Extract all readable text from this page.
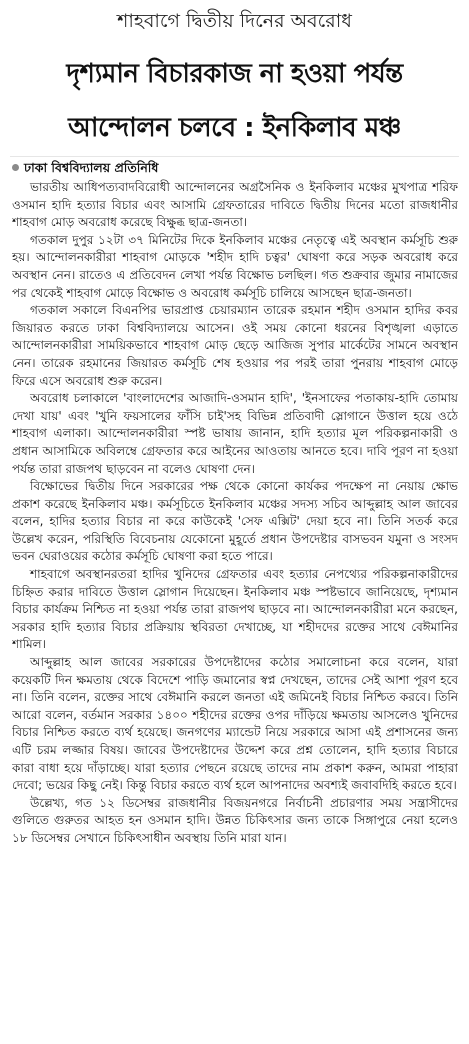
শাহবাগে দ্বিতীয় দিনের অবরোধ
দৃশ্যমান বিচারকাজ না হওয়া পর্যন্ত
আন্দোলন চলবে : ইনকিলাব মঞ্চ
ঢাকা বিশ্ববিদ্যালয় প্রতিনিধি

ভারতীয় আধিপত্যবাদবিরোধী আন্দোলনের অগ্রসৈনিক ও ইনকিলাব মঞ্চের মুখপাত্র শরিফ ওসমান হাদি হত্যার বিচার এবং আসামি গ্রেফতারের দাবিতে দ্বিতীয় দিনের মতো রাজধানীর শাহবাগ মোড় অবরোধ করেছে বিক্ষুব্ধ ছাত্র-জনতা।

গতকাল দুপুর ১২টা ৩৭ মিনিটের দিকে ইনকিলাব মঞ্চের নেতৃত্বে এই অবস্থান কর্মসূচি শুরু হয়। আন্দোলনকারীরা শাহবাগ মোড়কে 'শহীদ হাদি চত্বর' ঘোষণা করে সড়ক অবরোধ করে অবস্থান নেন। রাতেও এ প্রতিবেদন লেখা পর্যন্ত বিক্ষোভ চলছিল। গত শুক্রবার জুমার নামাজের পর থেকেই শাহবাগ মোড়ে বিক্ষোভ ও অবরোধ কর্মসূচি চালিয়ে আসছেন ছাত্র-জনতা।

গতকাল সকালে বিএনপির ভারপ্রাপ্ত চেয়ারম্যান তারেক রহমান শহীদ ওসমান হাদির কবর জিয়ারত করতে ঢাকা বিশ্ববিদ্যালয়ে আসেন। ওই সময় কোনো ধরনের বিশৃঙ্খলা এড়াতে আন্দোলনকারীরা সাময়িকভাবে শাহবাগ মোড় ছেড়ে আজিজ সুপার মার্কেটের সামনে অবস্থান নেন। তারেক রহমানের জিয়ারত কর্মসূচি শেষ হওয়ার পর পরই তারা পুনরায় শাহবাগ মোড়ে ফিরে এসে অবরোধ শুরু করেন।

অবরোধ চলাকালে 'বাংলাদেশের আজাদি-ওসমান হাদি', 'ইনসাফের পতাকায়-হাদি তোমায় দেখা যায়' এবং 'খুনি ফয়সালের ফাঁসি চাই'সহ বিভিন্ন প্রতিবাদী স্লোগানে উত্তাল হয়ে ওঠে শাহবাগ এলাকা। আন্দোলনকারীরা স্পষ্ট ভাষায় জানান, হাদি হত্যার মূল পরিকল্পনাকারী ও প্রধান আসামিকে অবিলম্বে গ্রেফতার করে আইনের আওতায় আনতে হবে। দাবি পূরণ না হওয়া পর্যন্ত তারা রাজপথ ছাড়বেন না বলেও ঘোষণা দেন।

বিক্ষোভের দ্বিতীয় দিনে সরকারের পক্ষ থেকে কোনো কার্যকর পদক্ষেপ না নেয়ায় ক্ষোভ প্রকাশ করেছে ইনকিলাব মঞ্চ। কর্মসূচিতে ইনকিলাব মঞ্চের সদস্য সচিব আব্দুল্লাহ আল জাবের বলেন, হাদির হত্যার বিচার না করে কাউকেই 'সেফ এক্সিট' দেয়া হবে না। তিনি সতর্ক করে উল্লেখ করেন, পরিস্থিতি বিবেচনায় যেকোনো মুহূর্তে প্রধান উপদেষ্টার বাসভবন যমুনা ও সংসদ ভবন ঘেরাওয়ের কঠোর কর্মসূচি ঘোষণা করা হতে পারে।

শাহবাগে অবস্থানরতরা হাদির খুনিদের গ্রেফতার এবং হত্যার নেপথ্যের পরিকল্পনাকারীদের চিহ্নিত করার দাবিতে উত্তাল স্লোগান দিয়েছেন। ইনকিলাব মঞ্চ স্পষ্টভাবে জানিয়েছে, দৃশ্যমান বিচার কার্যক্রম নিশ্চিত না হওয়া পর্যন্ত তারা রাজপথ ছাড়বে না। আন্দোলনকারীরা মনে করছেন, সরকার হাদি হত্যার বিচার প্রক্রিয়ায় স্থবিরতা দেখাচ্ছে, যা শহীদদের রক্তের সাথে বেঈমানির শামিল।

আব্দুল্লাহ আল জাবের সরকারের উপদেষ্টাদের কঠোর সমালোচনা করে বলেন, যারা কয়েকটি দিন ক্ষমতায় থেকে বিদেশে পাড়ি জমানোর স্বপ্ন দেখছেন, তাদের সেই আশা পূরণ হবে না। তিনি বলেন, রক্তের সাথে বেঈমানি করলে জনতা এই জমিনেই বিচার নিশ্চিত করবে। তিনি আরো বলেন, বর্তমান সরকার ১৪০০ শহীদের রক্তের ওপর দাঁড়িয়ে ক্ষমতায় আসলেও খুনিদের বিচার নিশ্চিত করতে ব্যর্থ হয়েছে। জনগণের ম্যান্ডেট নিয়ে সরকারে আসা এই প্রশাসনের জন্য এটি চরম লজ্জার বিষয়। জাবের উপদেষ্টাদের উদ্দেশ করে প্রশ্ন তোলেন, হাদি হত্যার বিচারে কারা বাধা হয়ে দাঁড়াচ্ছে। যারা হত্যার পেছনে রয়েছে তাদের নাম প্রকাশ করুন, আমরা পাহারা দেবো; ভয়ের কিছু নেই। কিন্তু বিচার করতে ব্যর্থ হলে আপনাদের অবশ্যই জবাবদিহি করতে হবে।

উল্লেখ্য, গত ১২ ডিসেম্বর রাজধানীর বিজয়নগরে নির্বাচনী প্রচারণার সময় সন্ত্রাসীদের গুলিতে গুরুতর আহত হন ওসমান হাদি। উন্নত চিকিৎসার জন্য তাকে সিঙ্গাপুরে নেয়া হলেও ১৮ ডিসেম্বর সেখানে চিকিৎসাধীন অবস্থায় তিনি মারা যান।
